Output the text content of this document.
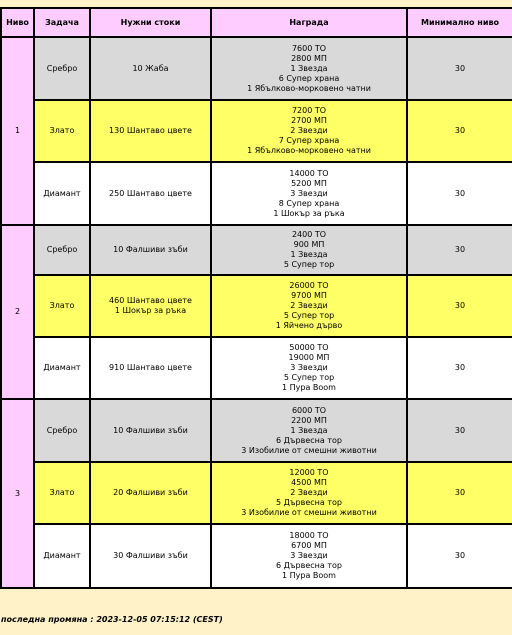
Ниво	Задача	Нужни стоки	Награда	Минимално ниво
1	Сребро	10 Жаба	7600 ТО
2800 МП
1 Звезда
6 Супер храна
1 Ябълково-морковено чатни	30
	Злато	130 Шантаво цвете	7200 ТО
2700 МП
2 Звезди
7 Супер храна
1 Ябълково-морковено чатни	30
	Диамант	250 Шантаво цвете	14000 ТО
5200 МП
3 Звезди
8 Супер храна
1 Шокър за ръка	30
2	Сребро	10 Фалшиви зъби	2400 ТО
900 МП
1 Звезда
5 Супер тор	30
	Злато	460 Шантаво цвете
1 Шокър за ръка	26000 ТО
9700 МП
2 Звезди
5 Супер тор
1 Яйчено дърво	30
	Диамант	910 Шантаво цвете	50000 ТО
19000 МП
3 Звезди
5 Супер тор
1 Пура Boom	30
3	Сребро	10 Фалшиви зъби	6000 ТО
2200 МП
1 Звезда
6 Дървесна тор
3 Изобилие от смешни животни	30
	Злато	20 Фалшиви зъби	12000 ТО
4500 МП
2 Звезди
5 Дървесна тор
3 Изобилие от смешни животни	30
	Диамант	30 Фалшиви зъби	18000 ТО
6700 МП
3 Звезди
6 Дървесна тор
1 Пура Boom	30
последна промяна : 2023-12-05 07:15:12 (CEST)
